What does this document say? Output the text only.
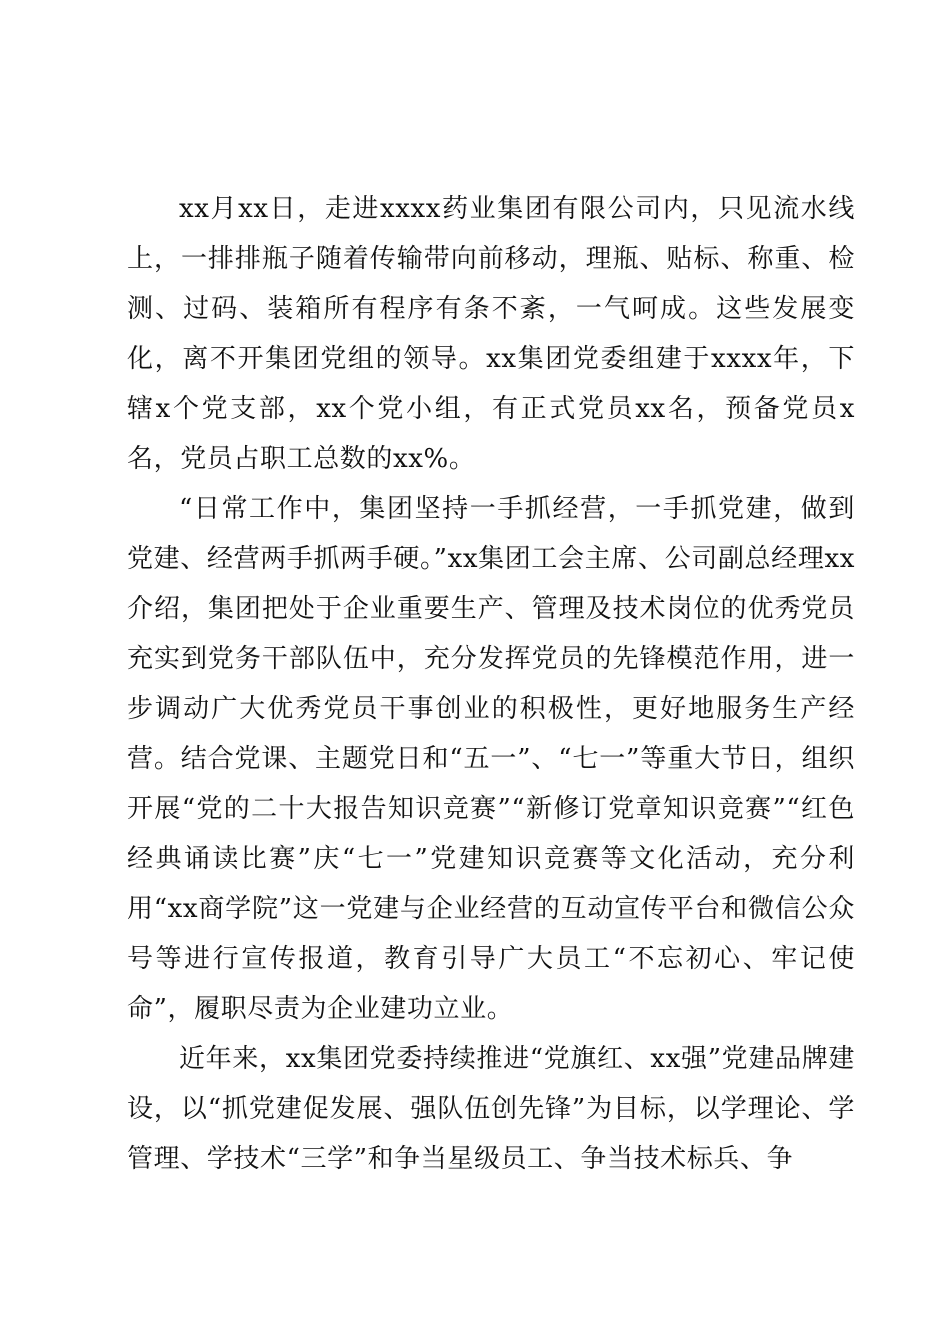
xx月xx日，走进xxxx药业集团有限公司内，只见流水线上，一排排瓶子随着传输带向前移动，理瓶、贴标、称重、检测、过码、装箱所有程序有条不紊，一气呵成。这些发展变化，离不开集团党组的领导。xx集团党委组建于xxxx年，下辖x个党支部，xx个党小组，有正式党员xx名，预备党员x名，党员占职工总数的xx%。

“日常工作中，集团坚持一手抓经营，一手抓党建，做到党建、经营两手抓两手硬。”xx集团工会主席、公司副总经理xx介绍，集团把处于企业重要生产、管理及技术岗位的优秀党员充实到党务干部队伍中，充分发挥党员的先锋模范作用，进一步调动广大优秀党员干事创业的积极性，更好地服务生产经营。结合党课、主题党日和“五一”、“七一”等重大节日，组织开展“党的二十大报告知识竞赛”“新修订党章知识竞赛”“红色经典诵读比赛”庆“七一”党建知识竞赛等文化活动，充分利用“xx商学院”这一党建与企业经营的互动宣传平台和微信公众号等进行宣传报道，教育引导广大员工“不忘初心、牢记使命”，履职尽责为企业建功立业。

近年来，xx集团党委持续推进“党旗红、xx强”党建品牌建设，以“抓党建促发展、强队伍创先锋”为目标，以学理论、学管理、学技术“三学”和争当星级员工、争当技术标兵、争
